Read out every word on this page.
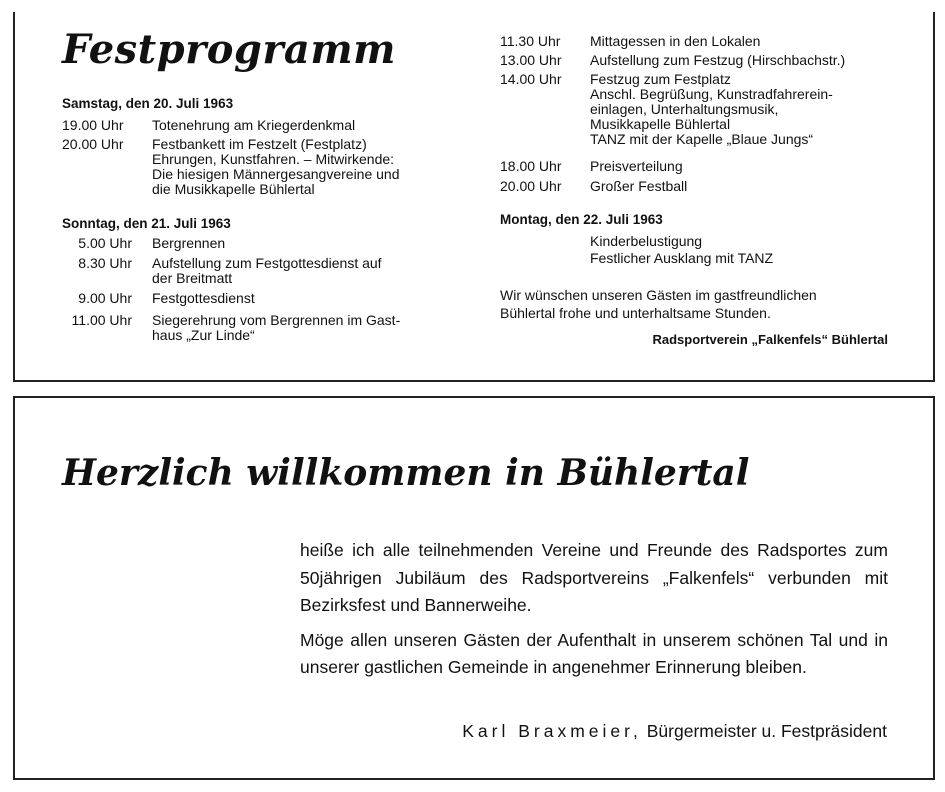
Festprogramm
Samstag, den 20. Juli 1963
19.00 Uhr	Totenehrung am Kriegerdenkmal
20.00 Uhr	Festbankett im Festzelt (Festplatz)
Ehrungen, Kunstfahren. – Mitwirkende:
Die hiesigen Männergesangvereine und
die Musikkapelle Bühlertal
Sonntag, den 21. Juli 1963
5.00 Uhr Bergrennen
8.30 Uhr Aufstellung zum Festgottesdienst auf
der Breitmatt
9.00 Uhr Festgottesdienst
11.00 Uhr Siegerehrung vom Bergrennen im Gast-
haus „Zur Linde“
11.30 Uhr	Mittagessen in den Lokalen
13.00 Uhr	Aufstellung zum Festzug (Hirschbachstr.)
14.00 Uhr	Festzug zum Festplatz
Anschl. Begrüßung, Kunstradfahrerein-
einlagen, Unterhaltungsmusik,
Musikkapelle Bühlertal
TANZ mit der Kapelle „Blaue Jungs“
18.00 Uhr	Preisverteilung
20.00 Uhr	Großer Festball
Montag, den 22. Juli 1963
Kinderbelustigung
Festlicher Ausklang mit TANZ
Wir wünschen unseren Gästen im gastfreundlichen
Bühlertal frohe und unterhaltsame Stunden.
Radsportverein „Falkenfels“ Bühlertal
Herzlich willkommen in Bühlertal

heiße ich alle teilnehmenden Vereine und Freunde des Radsportes zum 50jährigen Jubiläum des Radsportvereins „Falkenfels“ verbunden mit Bezirksfest und Bannerweihe.

Möge allen unseren Gästen der Aufenthalt in unserem schönen Tal und in unserer gastlichen Gemeinde in angenehmer Erinnerung bleiben.

Karl Braxmeier, Bürgermeister u. Festpräsident
